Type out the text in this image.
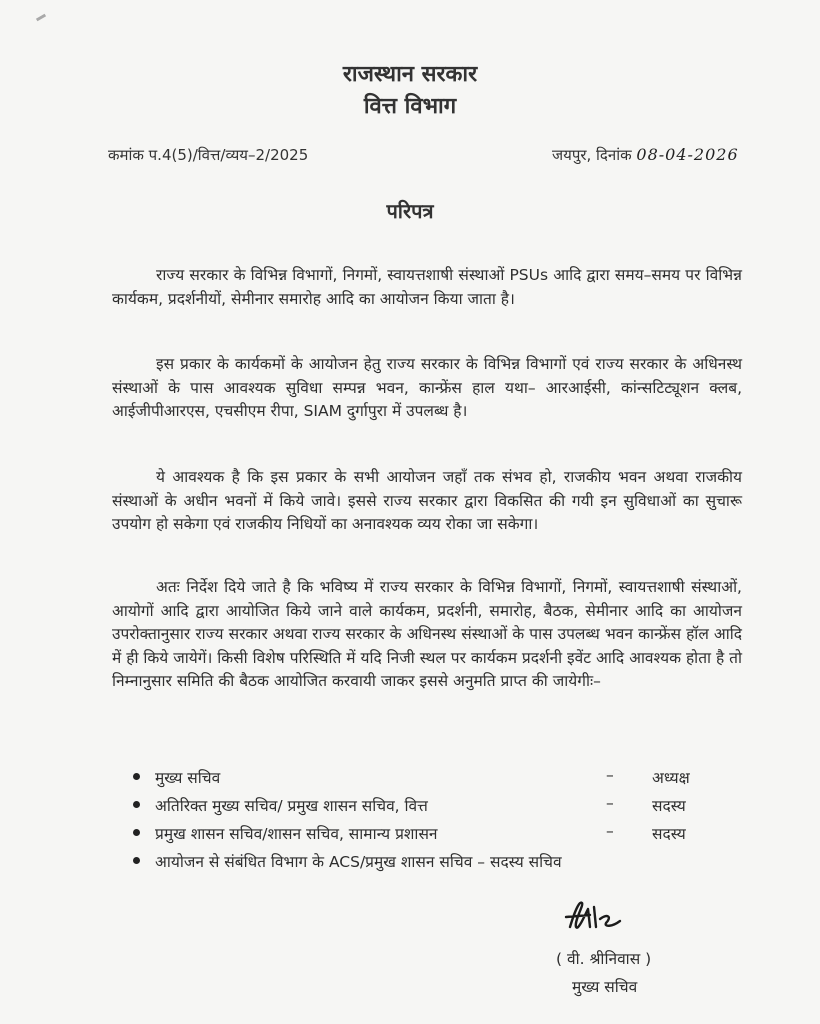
राजस्थान सरकार
वित्त विभाग
कमांक प.4(5)/वित्त/व्यय–2/2025	जयपुर, दिनांक 08-04-2026
परिपत्र
राज्य सरकार के विभिन्न विभागों, निगमों, स्वायत्तशाषी संस्थाओं PSUs आदि द्वारा समय–समय पर विभिन्न कार्यकम, प्रदर्शनीयों, सेमीनार समारोह आदि का आयोजन किया जाता है।
इस प्रकार के कार्यकमों के आयोजन हेतु राज्य सरकार के विभिन्न विभागों एवं राज्य सरकार के अधिनस्थ संस्थाओं के पास आवश्यक सुविधा सम्पन्न भवन, कान्फ्रेंस हाल यथा– आरआईसी, कांन्सटिट्यूशन क्लब, आईजीपीआरएस, एचसीएम रीपा, SIAM दुर्गापुरा में उपलब्ध है।
ये आवश्यक है कि इस प्रकार के सभी आयोजन जहाँ तक संभव हो, राजकीय भवन अथवा राजकीय संस्थाओं के अधीन भवनों में किये जावे। इससे राज्य सरकार द्वारा विकसित की गयी इन सुविधाओं का सुचारू उपयोग हो सकेगा एवं राजकीय निधियों का अनावश्यक व्यय रोका जा सकेगा।
अतः निर्देश दिये जाते है कि भविष्य में राज्य सरकार के विभिन्न विभागों, निगमों, स्वायत्तशाषी संस्थाओं, आयोगों आदि द्वारा आयोजित किये जाने वाले कार्यकम, प्रदर्शनी, समारोह, बैठक, सेमीनार आदि का आयोजन उपरोक्तानुसार राज्य सरकार अथवा राज्य सरकार के अधिनस्थ संस्थाओं के पास उपलब्ध भवन कान्फ्रेंस हॉल आदि में ही किये जायेगें। किसी विशेष परिस्थिति में यदि निजी स्थल पर कार्यकम प्रदर्शनी इवेंट आदि आवश्यक होता है तो निम्नानुसार समिति की बैठक आयोजित करवायी जाकर इससे अनुमति प्राप्त की जायेगीः–
मुख्य सचिव	– अध्यक्ष
अतिरिक्त मुख्य सचिव/ प्रमुख शासन सचिव, वित्त	– सदस्य
प्रमुख शासन सचिव/शासन सचिव, सामान्य प्रशासन	– सदस्य
आयोजन से संबंधित विभाग के ACS/प्रमुख शासन सचिव – सदस्य सचिव
( वी. श्रीनिवास )
मुख्य सचिव
